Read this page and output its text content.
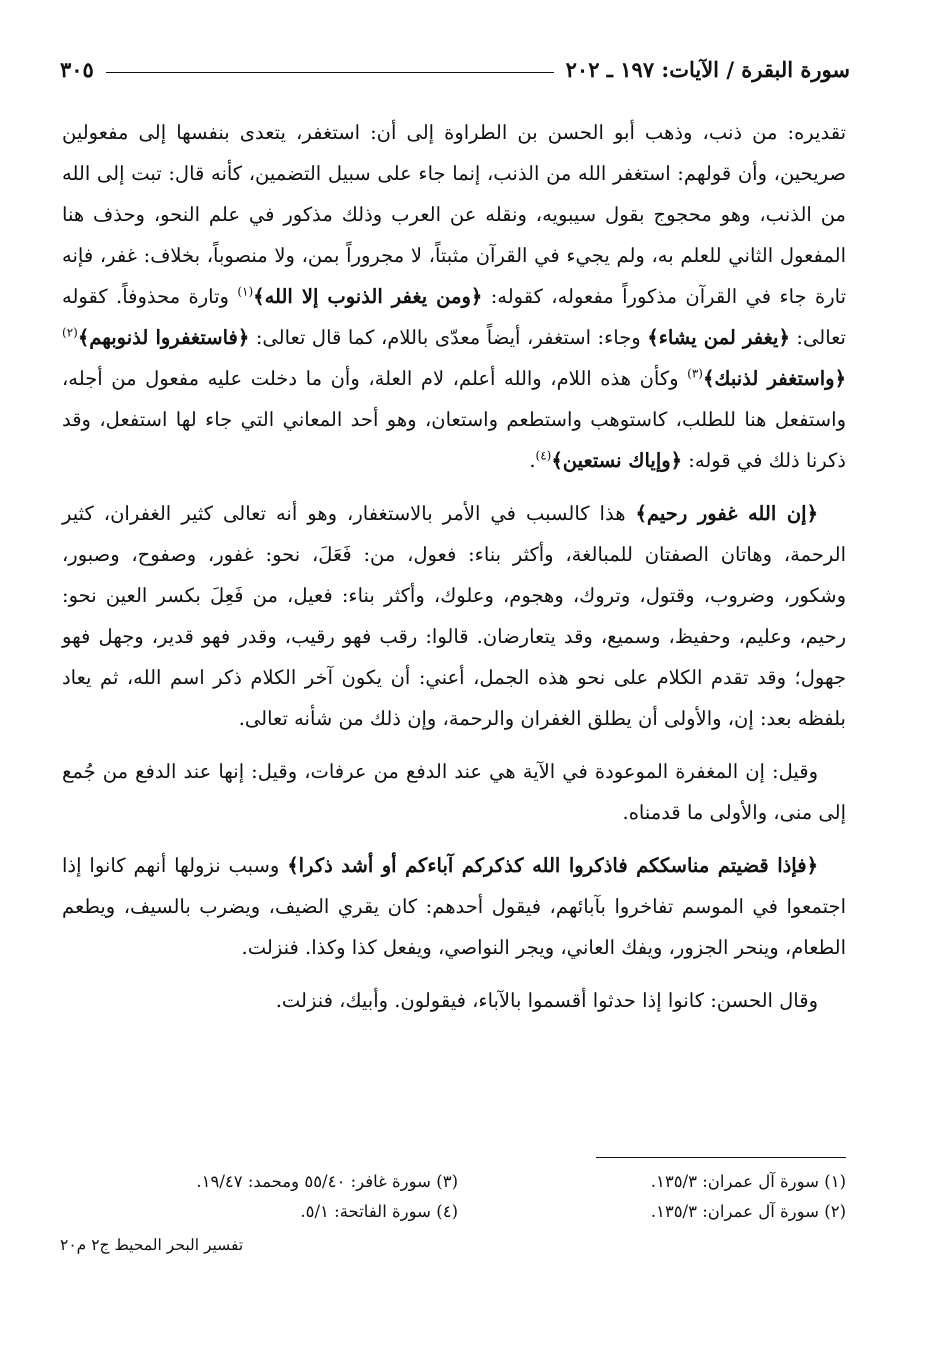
سورة البقرة / الآيات: ١٩٧ ـ ٢٠٢
٣٠٥

تقديره: من ذنب، وذهب أبو الحسن بن الطراوة إلى أن: استغفر، يتعدى بنفسها إلى مفعولين صريحين، وأن قولهم: استغفر الله من الذنب، إنما جاء على سبيل التضمين، كأنه قال: تبت إلى الله من الذنب، وهو محجوج بقول سيبويه، ونقله عن العرب وذلك مذكور في علم النحو، وحذف هنا المفعول الثاني للعلم به، ولم يجيء في القرآن مثبتاً، لا مجروراً بمن، ولا منصوباً، بخلاف: غفر، فإنه تارة جاء في القرآن مذكوراً مفعوله، كقوله: ﴿ومن يغفر الذنوب إلا الله﴾$^{(١)}$ وتارة محذوفاً. كقوله تعالى: ﴿يغفر لمن يشاء﴾ وجاء: استغفر، أيضاً معدّى باللام، كما قال تعالى: ﴿فاستغفروا لذنوبهم﴾$^{(٢)}$ ﴿واستغفر لذنبك﴾$^{(٣)}$ وكأن هذه اللام، والله أعلم، لام العلة، وأن ما دخلت عليه مفعول من أجله، واستفعل هنا للطلب، كاستوهب واستطعم واستعان، وهو أحد المعاني التي جاء لها استفعل، وقد ذكرنا ذلك في قوله: ﴿وإياك نستعين﴾$^{(٤)}$.

﴿إن الله غفور رحيم﴾ هذا كالسبب في الأمر بالاستغفار، وهو أنه تعالى كثير الغفران، كثير الرحمة، وهاتان الصفتان للمبالغة، وأكثر بناء: فعول، من: فَعَلَ، نحو: غفور، وصفوح، وصبور، وشكور، وضروب، وقتول، وتروك، وهجوم، وعلوك، وأكثر بناء: فعيل، من فَعِلَ بكسر العين نحو: رحيم، وعليم، وحفيظ، وسميع، وقد يتعارضان. قالوا: رقب فهو رقيب، وقدر فهو قدير، وجهل فهو جهول؛ وقد تقدم الكلام على نحو هذه الجمل، أعني: أن يكون آخر الكلام ذكر اسم الله، ثم يعاد بلفظه بعد: إن، والأولى أن يطلق الغفران والرحمة، وإن ذلك من شأنه تعالى.

وقيل: إن المغفرة الموعودة في الآية هي عند الدفع من عرفات، وقيل: إنها عند الدفع من جُمع إلى منى، والأولى ما قدمناه.

﴿فإذا قضيتم مناسككم فاذكروا الله كذكركم آباءكم أو أشد ذكرا﴾ وسبب نزولها أنهم كانوا إذا اجتمعوا في الموسم تفاخروا بآبائهم، فيقول أحدهم: كان يقري الضيف، ويضرب بالسيف، ويطعم الطعام، وينحر الجزور، ويفك العاني، ويجر النواصي، ويفعل كذا وكذا. فنزلت.

وقال الحسن: كانوا إذا حدثوا أقسموا بالآباء، فيقولون. وأبيك، فنزلت.

(١) سورة آل عمران: ١٣٥/٣.
(٣) سورة غافر: ٥٥/٤٠ ومحمد: ١٩/٤٧.
(٢) سورة آل عمران: ١٣٥/٣.
(٤) سورة الفاتحة: ٥/١.
تفسير البحر المحيط ج٢ م٢٠
